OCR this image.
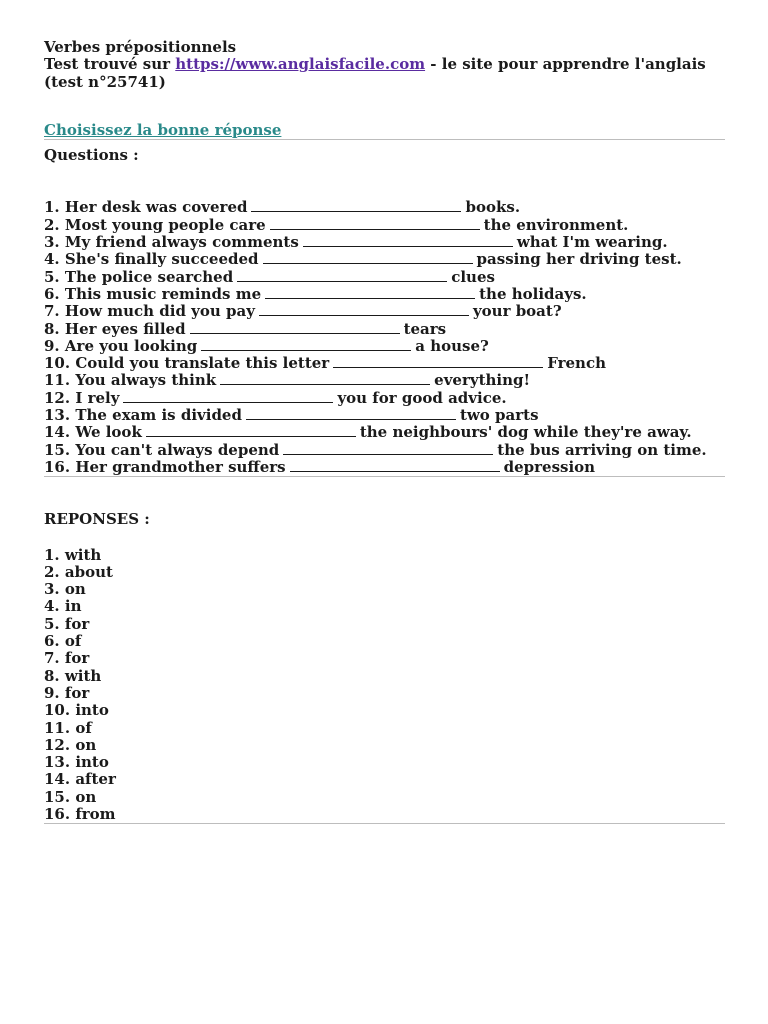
Verbes prépositionnels
Test trouvé sur https://www.anglaisfacile.com - le site pour apprendre l'anglais (test n°25741)
Choisissez la bonne réponse
Questions :
1. Her desk was covered	books.
2. Most young people care	the environment.
3. My friend always comments	what I'm wearing.
4. She's finally succeeded	passing her driving test.
5. The police searched	clues
6. This music reminds me	the holidays.
7. How much did you pay	your boat?
8. Her eyes filled	tears
9. Are you looking	a house?
10. Could you translate this letter	French
11. You always think	everything!
12. I rely	you for good advice.
13. The exam is divided	two parts
14. We look	the neighbours' dog while they're away.
15. You can't always depend	the bus arriving on time.
16. Her grandmother suffers	depression
REPONSES :
1. with
2. about
3. on
4. in
5. for
6. of
7. for
8. with
9. for
10. into
11. of
12. on
13. into
14. after
15. on
16. from
